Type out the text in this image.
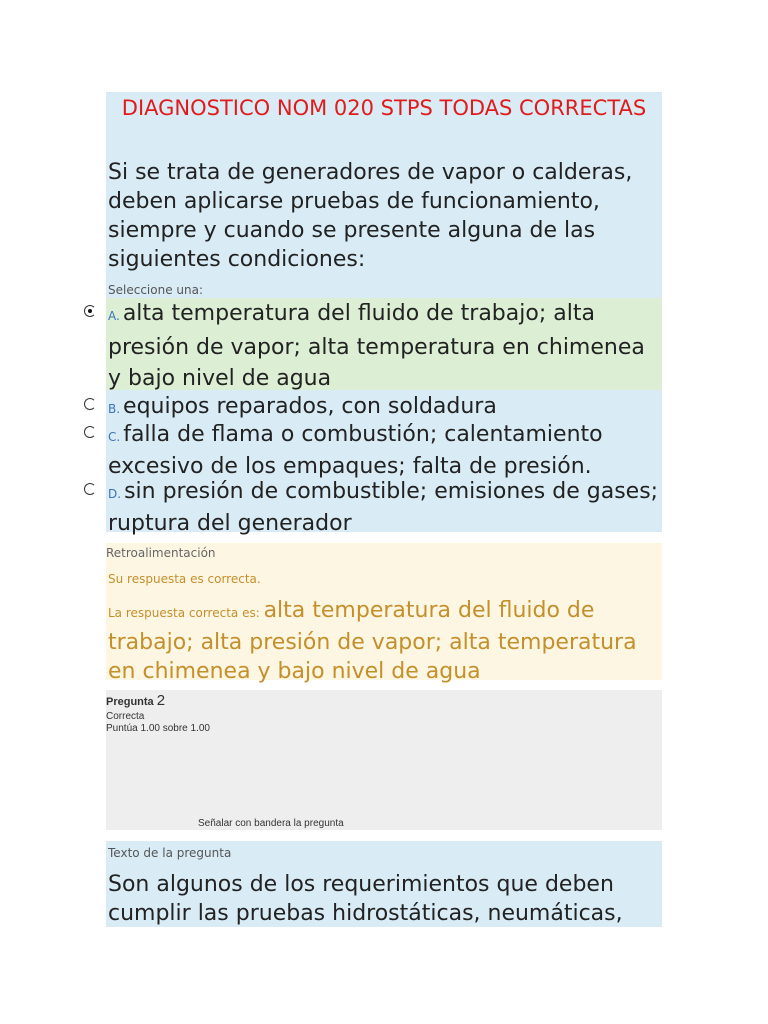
DIAGNOSTICO NOM 020 STPS TODAS CORRECTAS
Si se trata de generadores de vapor o calderas, deben aplicarse pruebas de funcionamiento, siempre y cuando se presente alguna de las siguientes condiciones:
Seleccione una:
A. alta temperatura del fluido de trabajo; alta presión de vapor; alta temperatura en chimenea y bajo nivel de agua
B. equipos reparados, con soldadura
C. falla de flama o combustión; calentamiento excesivo de los empaques; falta de presión.
D. sin presión de combustible; emisiones de gases; ruptura del generador
Retroalimentación
Su respuesta es correcta.
La respuesta correcta es: alta temperatura del fluido de trabajo; alta presión de vapor; alta temperatura en chimenea y bajo nivel de agua
Pregunta 2
Correcta
Puntúa 1.00 sobre 1.00
Señalar con bandera la pregunta
Texto de la pregunta
Son algunos de los requerimientos que deben cumplir las pruebas hidrostáticas, neumáticas,
